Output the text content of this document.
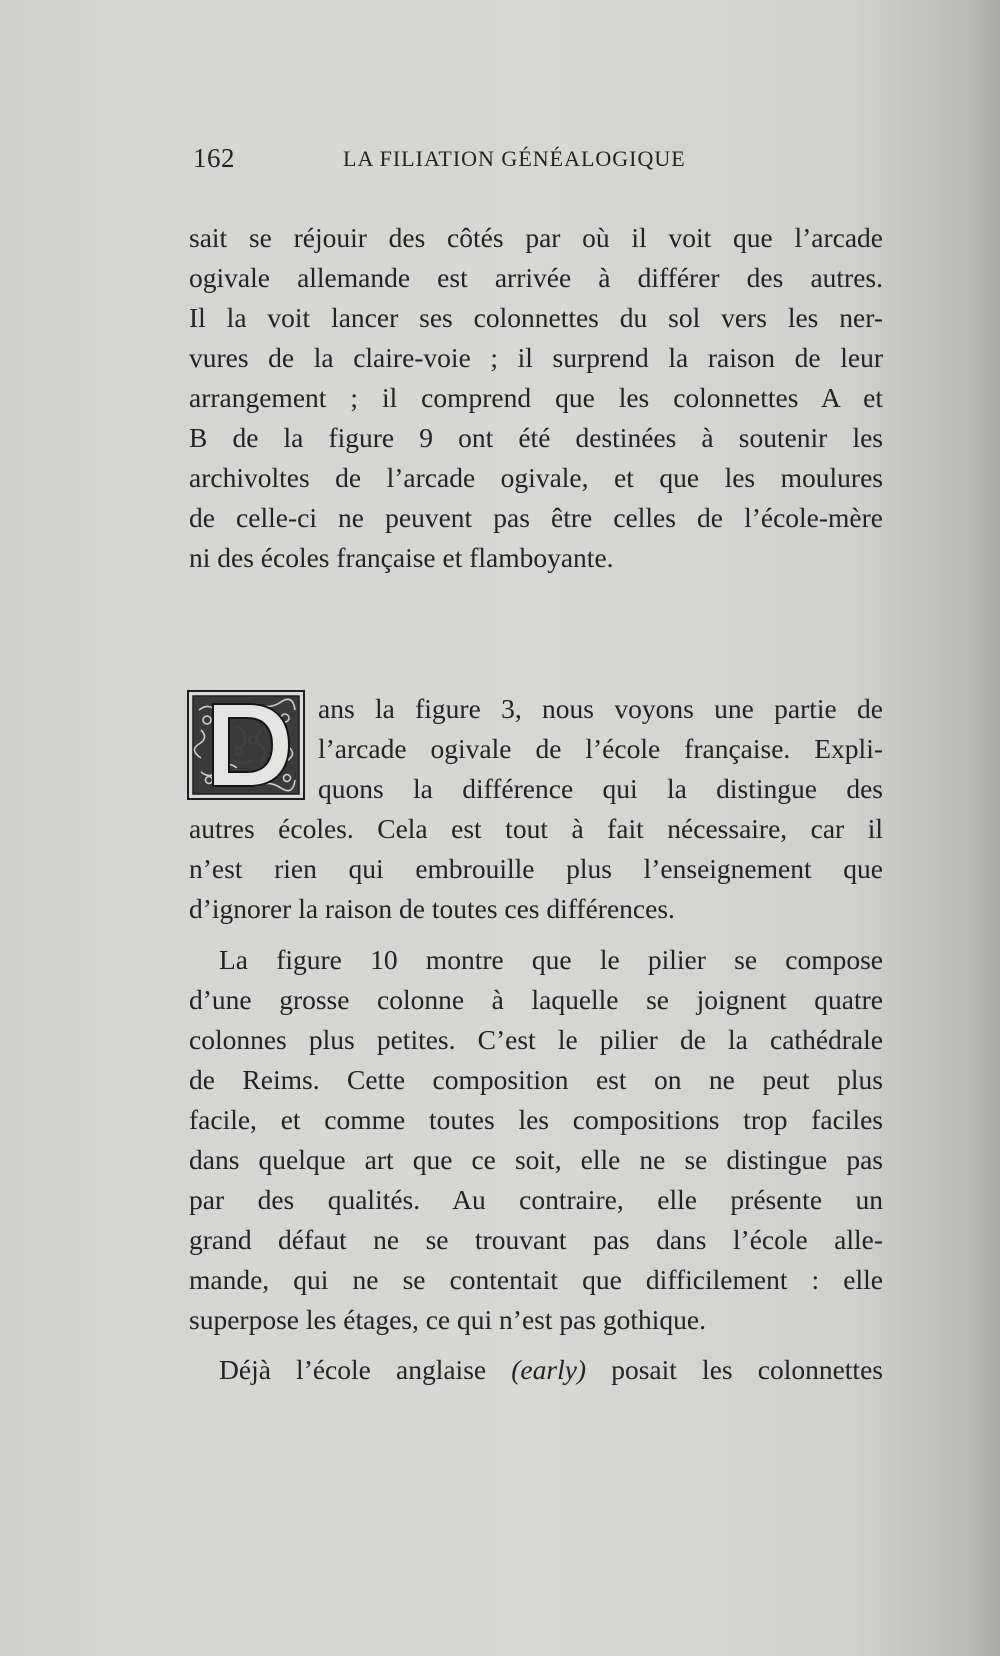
162	LA FILIATION GÉNÉALOGIQUE
sait se réjouir des côtés par où il voit que l’arcade
ogivale allemande est arrivée à différer des autres.
Il la voit lancer ses colonnettes du sol vers les ner-
vures de la claire-voie ; il surprend la raison de leur
arrangement ; il comprend que les colonnettes A et
B de la figure 9 ont été destinées à soutenir les
archivoltes de l’arcade ogivale, et que les moulures
de celle-ci ne peuvent pas être celles de l’école-mère
ni des écoles française et flamboyante.
ans la figure 3, nous voyons une partie de
l’arcade ogivale de l’école française. Expli-
quons la différence qui la distingue des
autres écoles. Cela est tout à fait nécessaire, car il
n’est rien qui embrouille plus l’enseignement que
d’ignorer la raison de toutes ces différences.
La figure 10 montre que le pilier se compose
d’une grosse colonne à laquelle se joignent quatre
colonnes plus petites. C’est le pilier de la cathédrale
de Reims. Cette composition est on ne peut plus
facile, et comme toutes les compositions trop faciles
dans quelque art que ce soit, elle ne se distingue pas
par des qualités. Au contraire, elle présente un
grand défaut ne se trouvant pas dans l’école alle-
mande, qui ne se contentait que difficilement : elle
superpose les étages, ce qui n’est pas gothique.
Déjà l’école anglaise (early) posait les colonnettes
